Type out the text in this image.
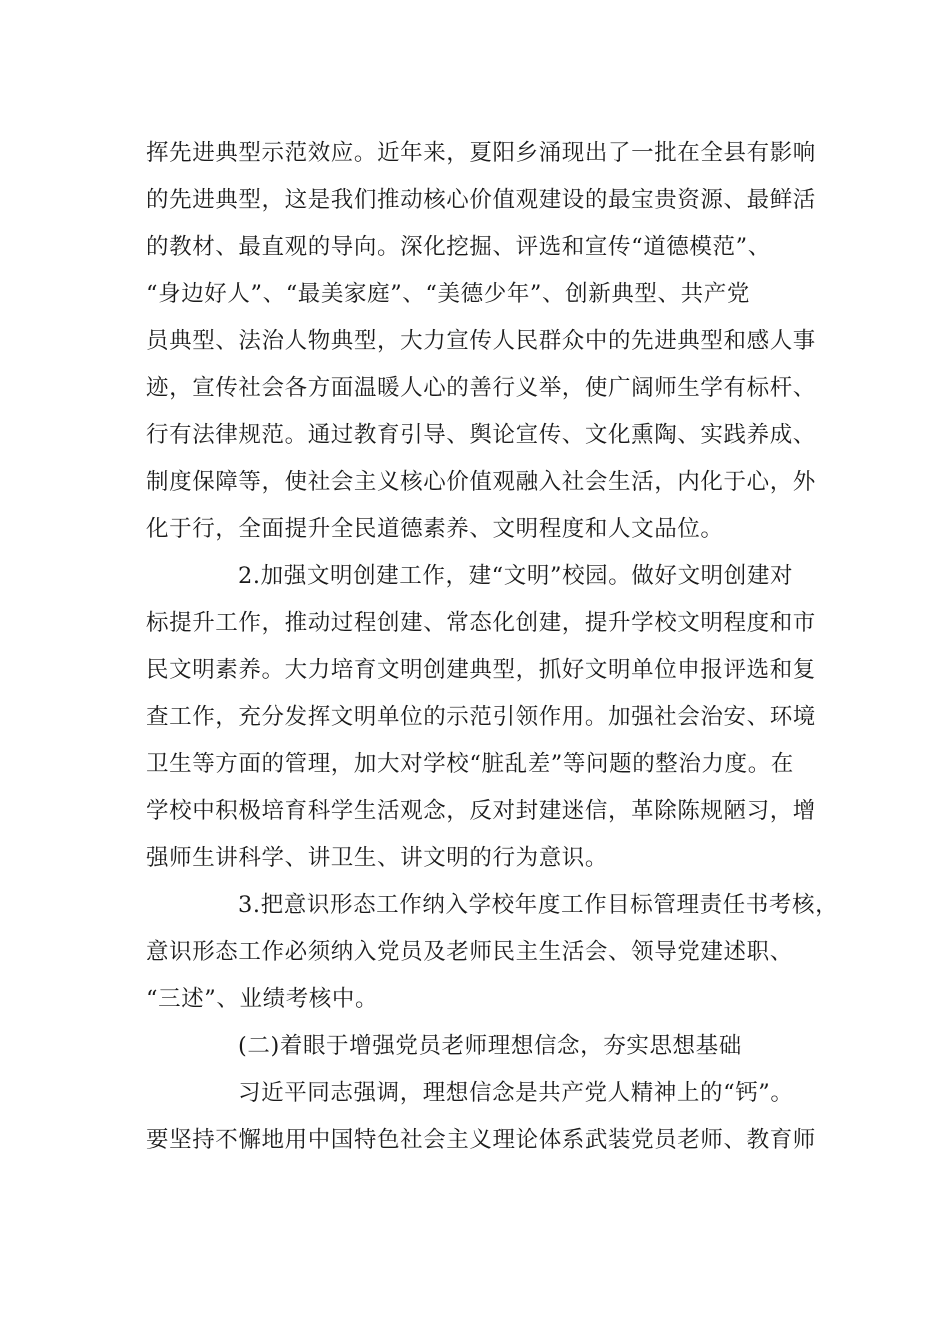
挥先进典型示范效应。近年来，夏阳乡涌现出了一批在全县有影响
的先进典型，这是我们推动核心价值观建设的最宝贵资源、最鲜活
的教材、最直观的导向。深化挖掘、评选和宣传“道德模范”、
“身边好人”、“最美家庭”、“美德少年”、创新典型、共产党
员典型、法治人物典型，大力宣传人民群众中的先进典型和感人事
迹，宣传社会各方面温暖人心的善行义举，使广阔师生学有标杆、
行有法律规范。通过教育引导、舆论宣传、文化熏陶、实践养成、
制度保障等，使社会主义核心价值观融入社会生活，内化于心，外
化于行，全面提升全民道德素养、文明程度和人文品位。
2.加强文明创建工作，建“文明”校园。做好文明创建对
标提升工作，推动过程创建、常态化创建，提升学校文明程度和市
民文明素养。大力培育文明创建典型，抓好文明单位申报评选和复
查工作，充分发挥文明单位的示范引领作用。加强社会治安、环境
卫生等方面的管理，加大对学校“脏乱差”等问题的整治力度。在
学校中积极培育科学生活观念，反对封建迷信，革除陈规陋习，增
强师生讲科学、讲卫生、讲文明的行为意识。
3.把意识形态工作纳入学校年度工作目标管理责任书考核，
意识形态工作必须纳入党员及老师民主生活会、领导党建述职、
“三述”、业绩考核中。
(二)着眼于增强党员老师理想信念，夯实思想基础
习近平同志强调，理想信念是共产党人精神上的“钙”。
要坚持不懈地用中国特色社会主义理论体系武装党员老师、教育师
